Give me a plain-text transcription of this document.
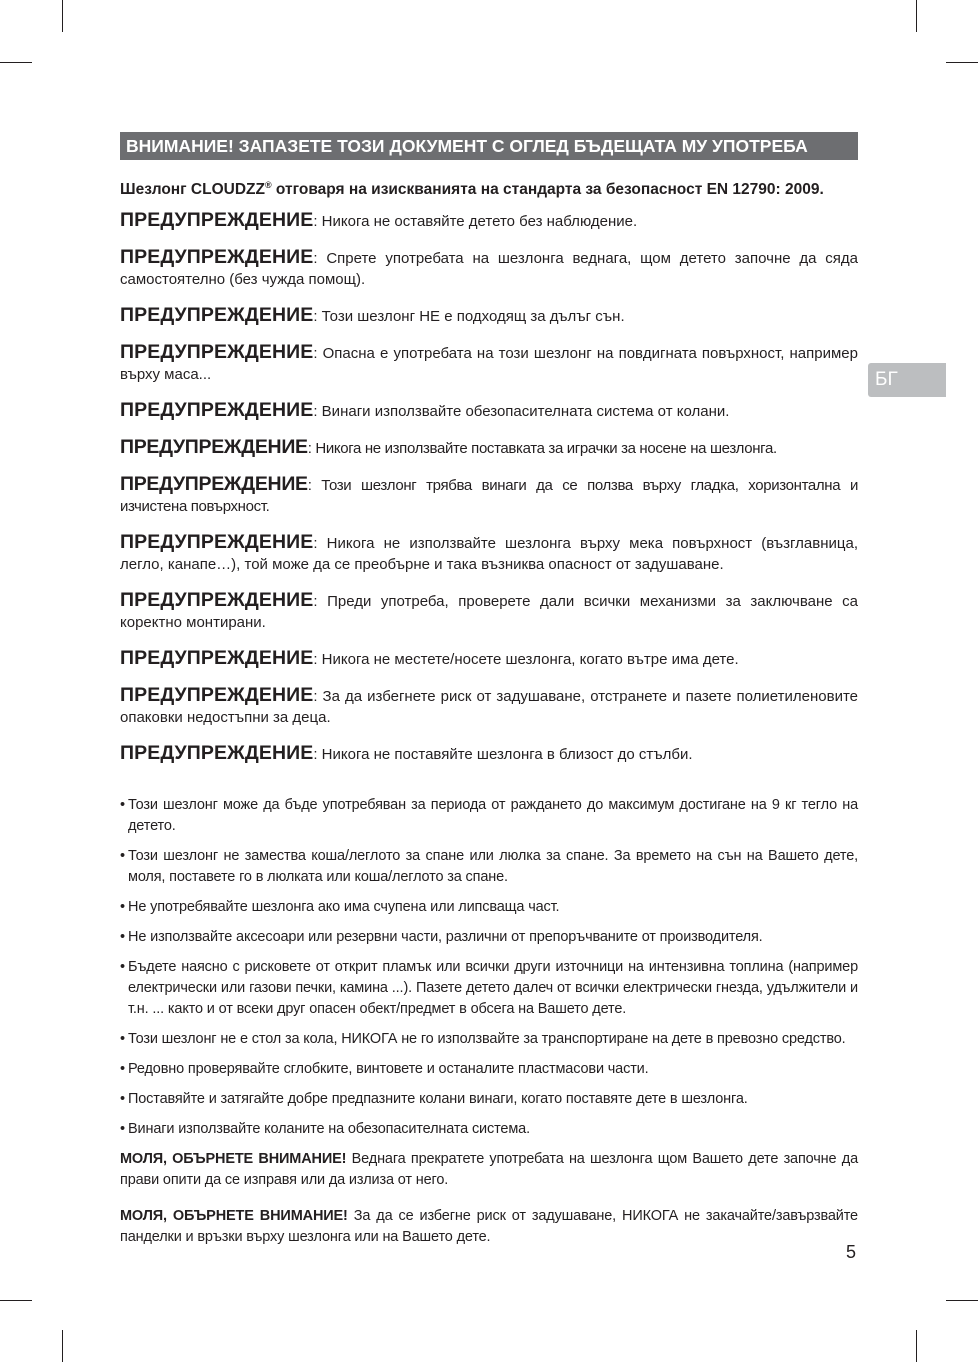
ВНИМАНИЕ! ЗАПАЗЕТЕ ТОЗИ ДОКУМЕНТ С ОГЛЕД БЪДЕЩАТА МУ УПОТРЕБА
Шезлонг CLOUDZZ® отговаря на изискванията на стандарта за безопасност EN 12790: 2009.

ПРЕДУПРЕЖДЕНИЕ: Никога не оставяйте детето без наблюдение.

ПРЕДУПРЕЖДЕНИЕ: Спрете употребата на шезлонга веднага, щом детето започне да сяда самостоятелно (без чужда помощ).

ПРЕДУПРЕЖДЕНИЕ: Този шезлонг НЕ е подходящ за дълъг сън.

ПРЕДУПРЕЖДЕНИЕ: Опасна е употребата на този шезлонг на повдигната повърхност, например върху маса...

ПРЕДУПРЕЖДЕНИЕ: Винаги използвайте обезопасителната система от колани.

ПРЕДУПРЕЖДЕНИЕ: Никога не използвайте поставката за играчки за носене на шезлонга.

ПРЕДУПРЕЖДЕНИЕ: Този шезлонг трябва винаги да се ползва върху гладка, хоризонтална и изчистена повърхност.

ПРЕДУПРЕЖДЕНИЕ: Никога не използвайте шезлонга върху мека повърхност (възглавница, легло, канапе…), той може да се преобърне и така възниква опасност от задушаване.

ПРЕДУПРЕЖДЕНИЕ: Преди употреба, проверете дали всички механизми за заключване са коректно монтирани.

ПРЕДУПРЕЖДЕНИЕ: Никога не местете/носете шезлонга, когато вътре има дете.

ПРЕДУПРЕЖДЕНИЕ: За да избегнете риск от задушаване, отстранете и пазете полиетиленовите опаковки недостъпни за деца.

ПРЕДУПРЕЖДЕНИЕ: Никога не поставяйте шезлонга в близост до стълби.

• Този шезлонг може да бъде употребяван за периода от раждането до максимум достигане на 9 кг тегло на детето.
• Този шезлонг не замества коша/леглото за спане или люлка за спане. За времето на сън на Вашето дете, моля, поставете го в люлката или коша/леглото за спане.
• Не употребявайте шезлонга ако има счупена или липсваща част.
• Не използвайте аксесоари или резервни части, различни от препоръчваните от производителя.
• Бъдете наясно с рисковете от открит пламък или всички други източници на интензивна топлина (например електрически или газови печки, камина ...). Пазете детето далеч от всички електрически гнезда, удължители и т.н. ... както и от всеки друг опасен обект/предмет в обсега на Вашето дете.
• Този шезлонг не е стол за кола, НИКОГА не го използвайте за транспортиране на дете в превозно средство.
• Редовно проверявайте сглобките, винтовете и останалите пластмасови части.
• Поставяйте и затягайте добре предпазните колани винаги, когато поставяте дете в шезлонга.
• Винаги използвайте коланите на обезопасителната система.

МОЛЯ, ОБЪРНЕТЕ ВНИМАНИЕ! Веднага прекратете употребата на шезлонга щом Вашето дете започне да прави опити да се изправя или да излиза от него.

МОЛЯ, ОБЪРНЕТЕ ВНИМАНИЕ! За да се избегне риск от задушаване, НИКОГА не закачайте/завързвайте панделки и връзки върху шезлонга или на Вашето дете.

БГ
5
